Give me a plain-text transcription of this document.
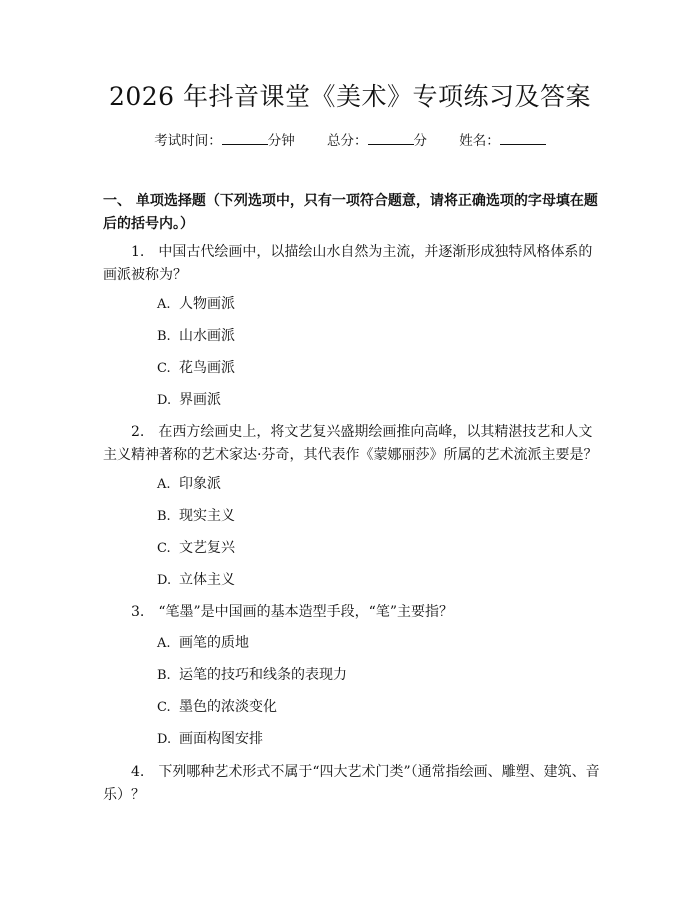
2026 年抖音课堂《美术》专项练习及答案
考试时间：	分钟 总分：	分 姓名：
一、 单项选择题（下列选项中，只有一项符合题意，请将正确选项的字母填在题后的括号内。）
1. 中国古代绘画中，以描绘山水自然为主流，并逐渐形成独特风格体系的画派被称为？
A. 人物画派
B. 山水画派
C. 花鸟画派
D. 界画派
2. 在西方绘画史上，将文艺复兴盛期绘画推向高峰，以其精湛技艺和人文主义精神著称的艺术家达·芬奇，其代表作《蒙娜丽莎》所属的艺术流派主要是？
A. 印象派
B. 现实主义
C. 文艺复兴
D. 立体主义
3. “笔墨”是中国画的基本造型手段，“笔”主要指？
A. 画笔的质地
B. 运笔的技巧和线条的表现力
C. 墨色的浓淡变化
D. 画面构图安排
4. 下列哪种艺术形式不属于“四大艺术门类”（通常指绘画、雕塑、建筑、音乐）？
